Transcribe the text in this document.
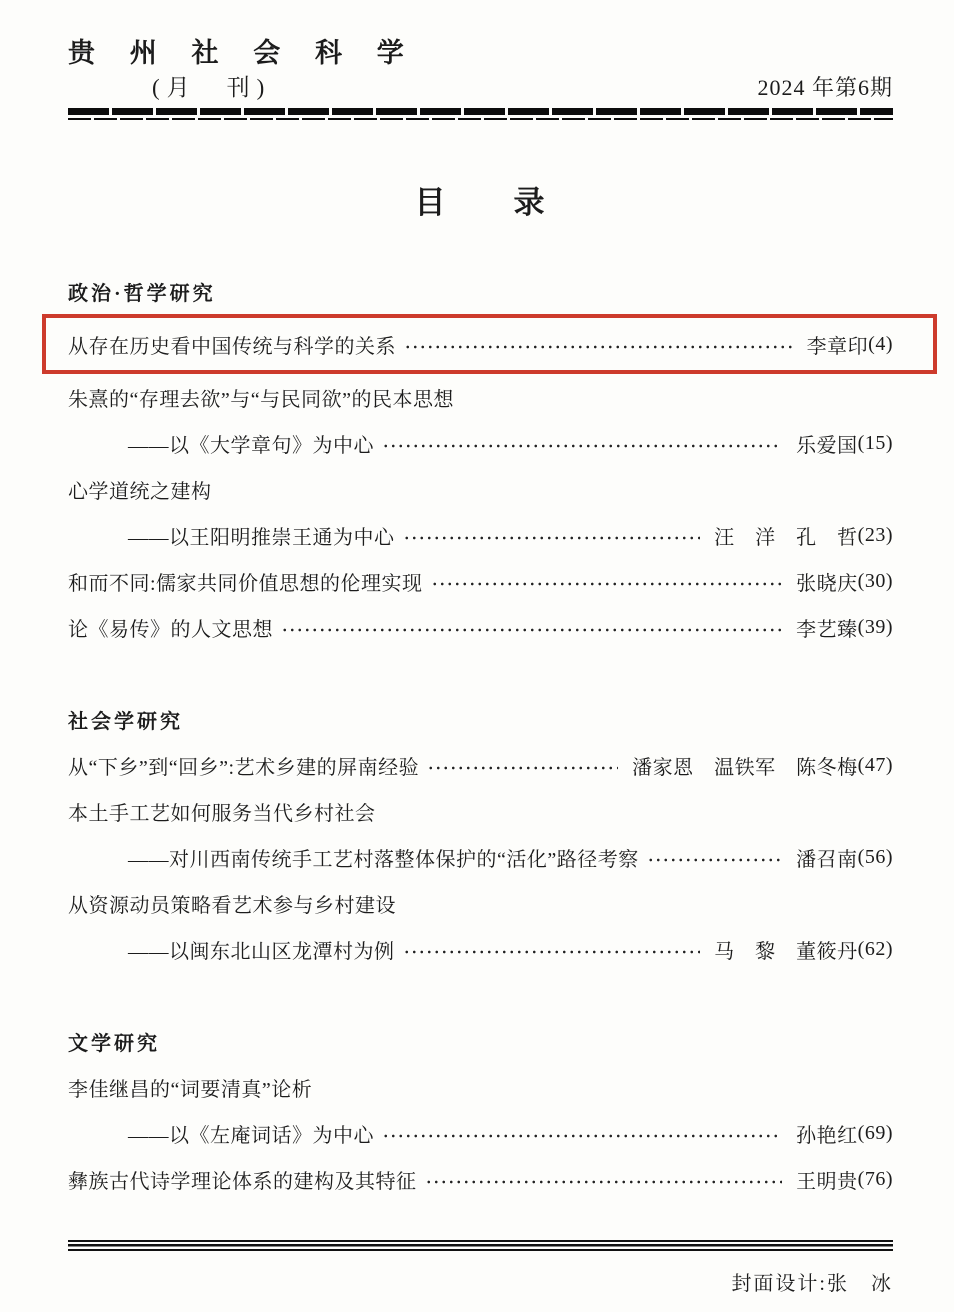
贵 州 社 会 科 学
(月　刊)	2024 年第6期
目　　录
政治·哲学研究
从存在历史看中国传统与科学的关系	李章印 (4)
朱熹的“存理去欲”与“与民同欲”的民本思想
——以《大学章句》为中心	乐爱国 (15)
心学道统之建构
——以王阳明推崇王通为中心	汪　洋　孔　哲 (23)
和而不同:儒家共同价值思想的伦理实现	张晓庆 (30)
论《易传》的人文思想	李艺臻 (39)
社会学研究
从“下乡”到“回乡”:艺术乡建的屏南经验	潘家恩　温铁军　陈冬梅 (47)
本土手工艺如何服务当代乡村社会
——对川西南传统手工艺村落整体保护的“活化”路径考察	潘召南 (56)
从资源动员策略看艺术参与乡村建设
——以闽东北山区龙潭村为例	马　黎　董筱丹 (62)
文学研究
李佳继昌的“词要清真”论析
——以《左庵词话》为中心	孙艳红 (69)
彝族古代诗学理论体系的建构及其特征	王明贵 (76)
封面设计:张　冰
